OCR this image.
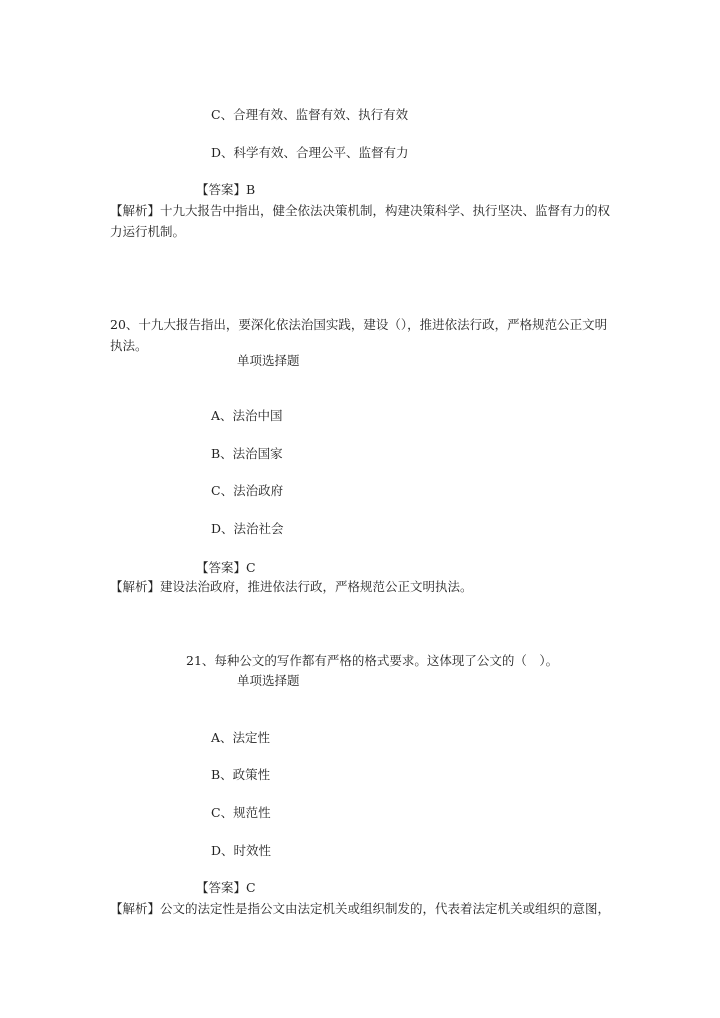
C、合理有效、监督有效、执行有效
D、科学有效、合理公平、监督有力
【答案】B
【解析】十九大报告中指出，健全依法决策机制，构建决策科学、执行坚决、监督有力的权力运行机制。
20、十九大报告指出，要深化依法治国实践，建设（），推进依法行政，严格规范公正文明执法。
单项选择题
A、法治中国
B、法治国家
C、法治政府
D、法治社会
【答案】C
【解析】建设法治政府，推进依法行政，严格规范公正文明执法。
21、每种公文的写作都有严格的格式要求。这体现了公文的（　）。
单项选择题
A、法定性
B、政策性
C、规范性
D、时效性
【答案】C
【解析】公文的法定性是指公文由法定机关或组织制发的，代表着法定机关或组织的意图，
